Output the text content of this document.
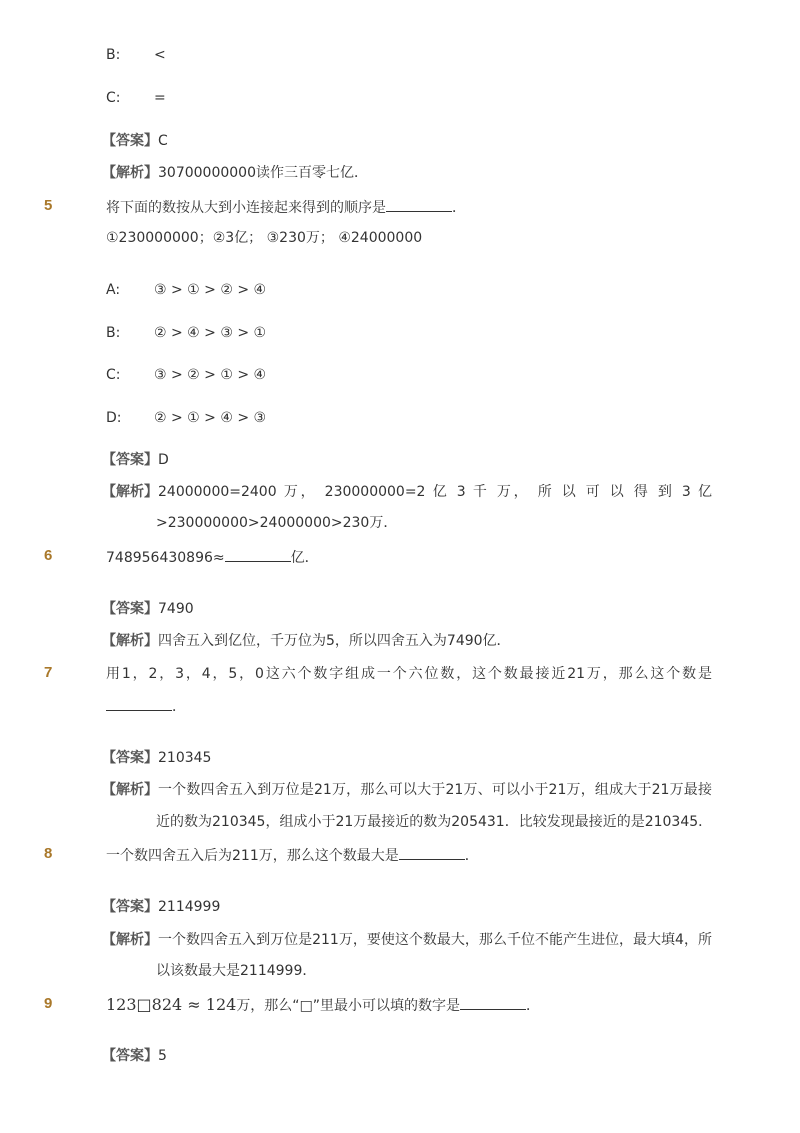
B: <
C: =
【答案】C
【解析】30700000000读作三百零七亿．
5	将下面的数按从大到小连接起来得到的顺序是	．
①230000000；②3亿； ③230万； ④24000000
A: ③ > ① > ② > ④
B: ② > ④ > ③ > ①
C: ③ > ② > ① > ④
D: ② > ① > ④ > ③
【答案】D
【解析】 24000000=2400 万， 230000000=2 亿 3 千 万， 所 以 可 以 得 到 3 亿
>230000000>24000000>230万．
6	748956430896≈	亿．
【答案】7490
【解析】四舍五入到亿位，千万位为5，所以四舍五入为7490亿．
7	用1，2，3，4，5，0这六个数字组成一个六位数，这个数最接近21万，那么这个数是
．
【答案】210345
【解析】 一个数四舍五入到万位是21万，那么可以大于21万、可以小于21万，组成大于21万最接
近的数为210345，组成小于21万最接近的数为205431．比较发现最接近的是210345．
8	一个数四舍五入后为211万，那么这个数最大是	．
【答案】2114999
【解析】 一个数四舍五入到万位是211万，要使这个数最大，那么千位不能产生进位，最大填4，所
以该数最大是2114999．
9	123□824 ≈ 124万，那么“□”里最小可以填的数字是	．
【答案】5
